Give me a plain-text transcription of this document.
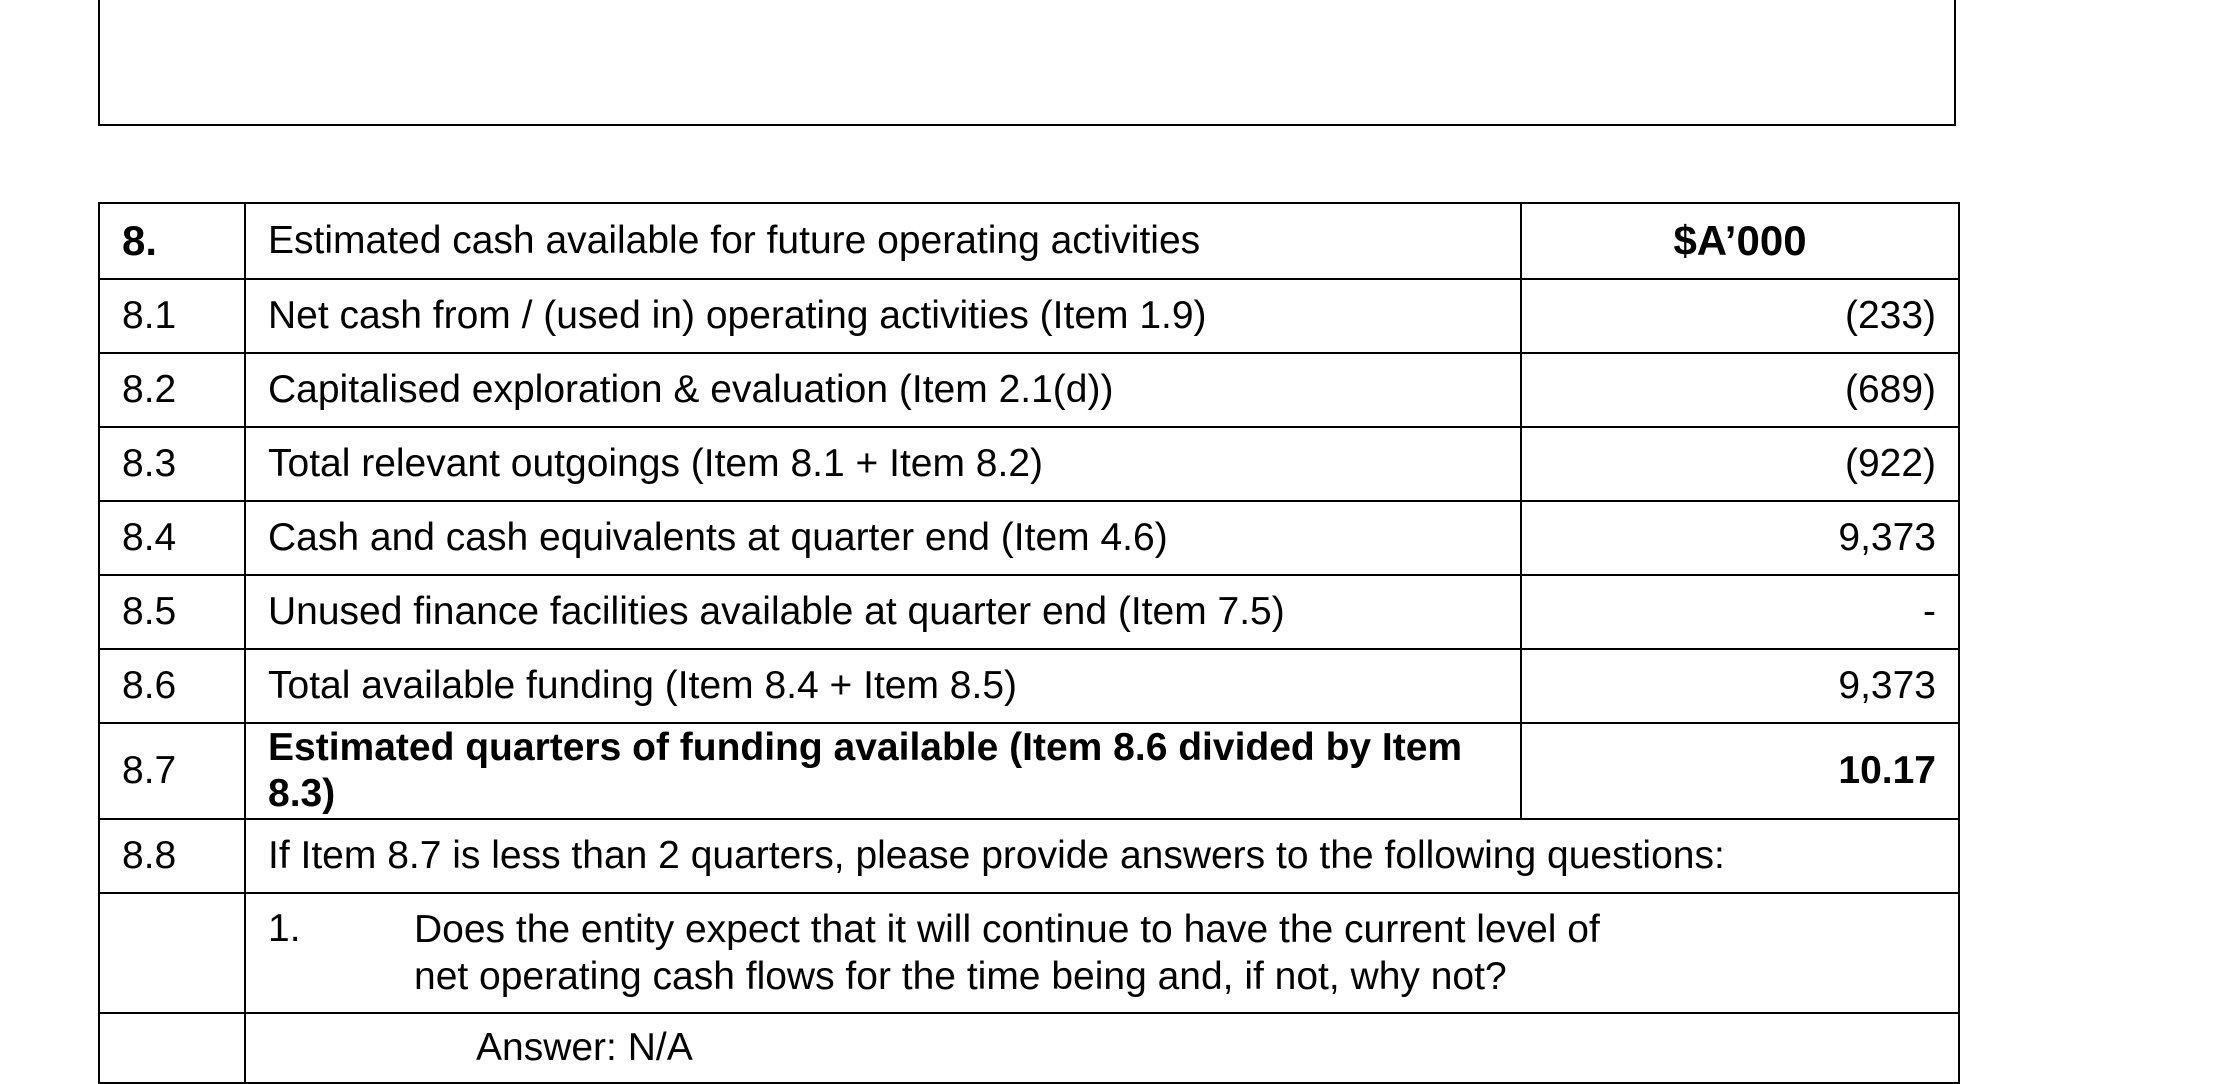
8.	Estimated cash available for future operating activities	$A’000
8.1	Net cash from / (used in) operating activities (Item 1.9)	(233)
8.2	Capitalised exploration & evaluation (Item 2.1(d))	(689)
8.3	Total relevant outgoings (Item 8.1 + Item 8.2)	(922)
8.4	Cash and cash equivalents at quarter end (Item 4.6)	9,373
8.5	Unused finance facilities available at quarter end (Item 7.5)	-
8.6	Total available funding (Item 8.4 + Item 8.5)	9,373
8.7	Estimated quarters of funding available (Item 8.6 divided by Item 8.3)	10.17
8.8	If Item 8.7 is less than 2 quarters, please provide answers to the following questions:	

	1. Does the entity expect that it will continue to have the current level of net operating cash flows for the time being and, if not, why not?	

	Answer: N/A	
